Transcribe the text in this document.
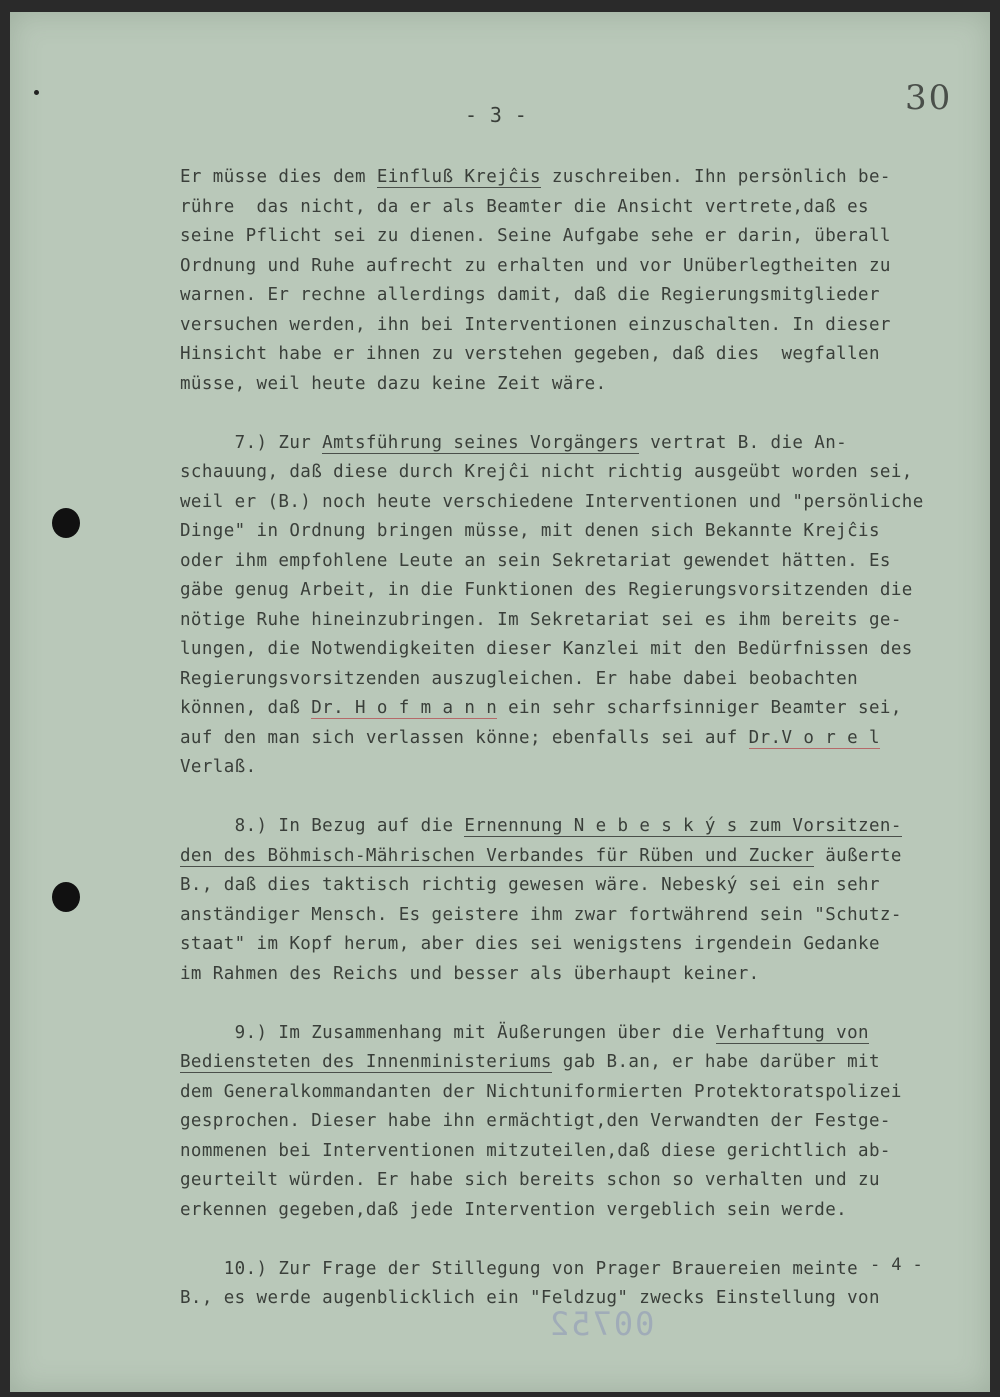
- 3 -	30
Er müsse dies dem Einfluß Krejĉis zuschreiben. Ihn persönlich be-
rühre  das nicht, da er als Beamter die Ansicht vertrete,daß es
seine Pflicht sei zu dienen. Seine Aufgabe sehe er darin, überall
Ordnung und Ruhe aufrecht zu erhalten und vor Unüberlegtheiten zu
warnen. Er rechne allerdings damit, daß die Regierungsmitglieder
versuchen werden, ihn bei Interventionen einzuschalten. In dieser
Hinsicht habe er ihnen zu verstehen gegeben, daß dies  wegfallen
müsse, weil heute dazu keine Zeit wäre.
7.) Zur Amtsführung seines Vorgängers vertrat B. die An-
schauung, daß diese durch Krejĉi nicht richtig ausgeübt worden sei,
weil er (B.) noch heute verschiedene Interventionen und "persönliche
Dinge" in Ordnung bringen müsse, mit denen sich Bekannte Krejĉis
oder ihm empfohlene Leute an sein Sekretariat gewendet hätten. Es
gäbe genug Arbeit, in die Funktionen des Regierungsvorsitzenden die
nötige Ruhe hineinzubringen. Im Sekretariat sei es ihm bereits ge-
lungen, die Notwendigkeiten dieser Kanzlei mit den Bedürfnissen des
Regierungsvorsitzenden auszugleichen. Er habe dabei beobachten
können, daß Dr. H o f m a n n ein sehr scharfsinniger Beamter sei,
auf den man sich verlassen könne; ebenfalls sei auf Dr.V o r e l
Verlaß.
8.) In Bezug auf die Ernennung N e b e s k ý s zum Vorsitzen-
den des Böhmisch-Mährischen Verbandes für Rüben und Zucker äußerte
B., daß dies taktisch richtig gewesen wäre. Nebeský sei ein sehr
anständiger Mensch. Es geistere ihm zwar fortwährend sein "Schutz-
staat" im Kopf herum, aber dies sei wenigstens irgendein Gedanke
im Rahmen des Reichs und besser als überhaupt keiner.
9.) Im Zusammenhang mit Äußerungen über die Verhaftung von
Bediensteten des Innenministeriums gab B.an, er habe darüber mit
dem Generalkommandanten der Nichtuniformierten Protektoratspolizei
gesprochen. Dieser habe ihn ermächtigt,den Verwandten der Festge-
nommenen bei Interventionen mitzuteilen,daß diese gerichtlich ab-
geurteilt würden. Er habe sich bereits schon so verhalten und zu
erkennen gegeben,daß jede Intervention vergeblich sein werde.
10.) Zur Frage der Stillegung von Prager Brauereien meinte
B., es werde augenblicklich ein "Feldzug" zwecks Einstellung von
- 4 -
00752
